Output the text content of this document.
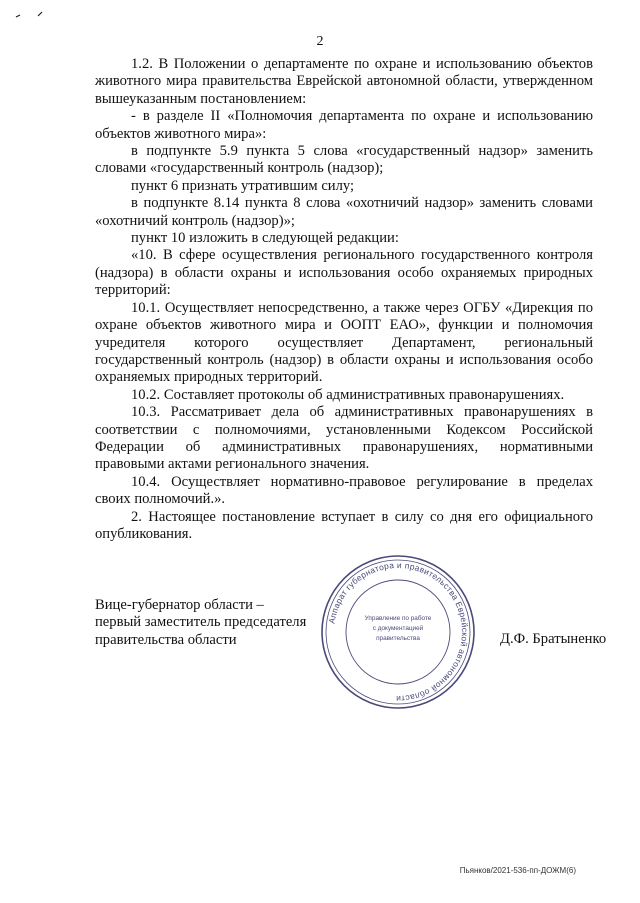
2

1.2. В Положении о департаменте по охране и использованию объектов животного мира правительства Еврейской автономной области, утвержденном вышеуказанным постановлением:

- в разделе II «Полномочия департамента по охране и использованию объектов животного мира»:

в подпункте 5.9 пункта 5 слова «государственный надзор» заменить словами «государственный контроль (надзор);

пункт 6 признать утратившим силу;

в подпункте 8.14 пункта 8 слова «охотничий надзор» заменить словами «охотничий контроль (надзор)»;

пункт 10 изложить в следующей редакции:

«10. В сфере осуществления регионального государственного контроля (надзора) в области охраны и использования особо охраняемых природных территорий:

10.1. Осуществляет непосредственно, а также через ОГБУ «Дирекция по охране объектов животного мира и ООПТ ЕАО», функции и полномочия учредителя которого осуществляет Департамент, региональный государственный контроль (надзор) в области охраны и использования особо охраняемых природных территорий.

10.2. Составляет протоколы об административных правонарушениях.

10.3. Рассматривает дела об административных правонарушениях в соответствии с полномочиями, установленными Кодексом Российской Федерации об административных правонарушениях, нормативными правовыми актами регионального значения.

10.4. Осуществляет нормативно-правовое регулирование в пределах своих полномочий.».

2. Настоящее постановление вступает в силу со дня его официального опубликования.

Вице-губернатор области –
первый заместитель председателя
правительства области
Аппарат губернатора и правительства Еврейской автономной области
Управление по работе
с документацией
правительства	Д.Ф. Братыненко
Пьянков/2021-536-пп-ДОЖМ(6)
